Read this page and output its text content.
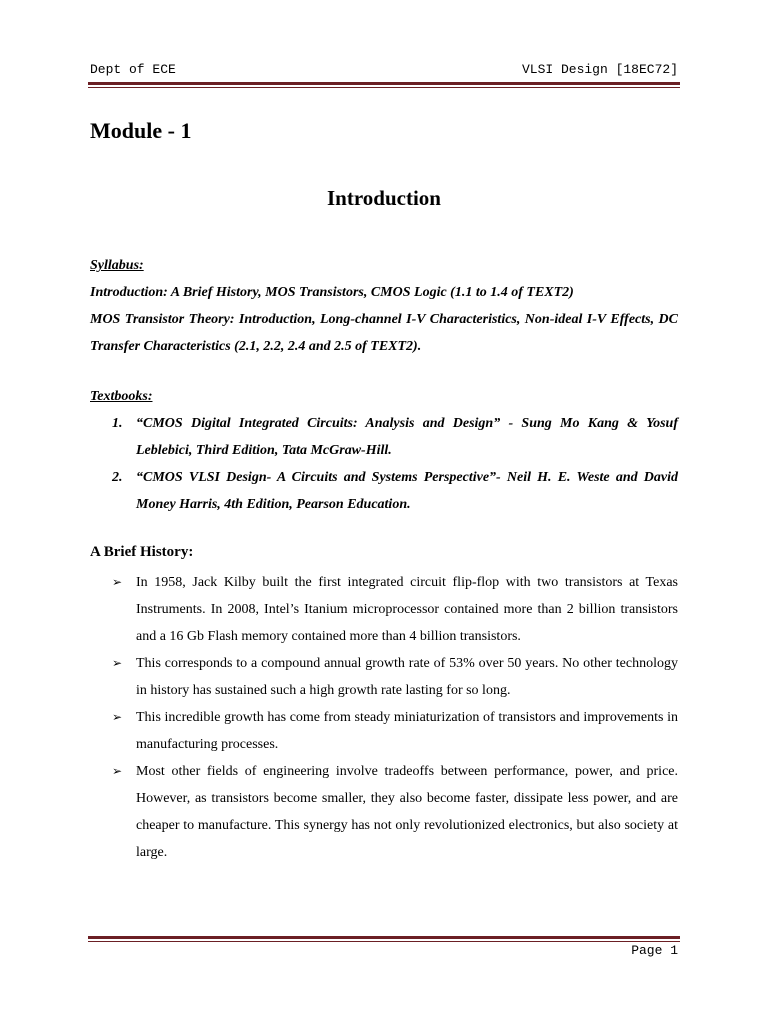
Dept of ECE	VLSI Design [18EC72]
Module - 1
Introduction
Syllabus:
Introduction: A Brief History, MOS Transistors, CMOS Logic (1.1 to 1.4 of TEXT2)
MOS Transistor Theory: Introduction, Long-channel I-V Characteristics, Non-ideal I-V Effects, DC Transfer Characteristics (2.1, 2.2, 2.4 and 2.5 of TEXT2).
Textbooks:
1. “CMOS Digital Integrated Circuits: Analysis and Design” - Sung Mo Kang & Yosuf Leblebici, Third Edition, Tata McGraw-Hill.
2. “CMOS VLSI Design- A Circuits and Systems Perspective”- Neil H. E. Weste and David Money Harris, 4th Edition, Pearson Education.
A Brief History:
➢ In 1958, Jack Kilby built the first integrated circuit flip-flop with two transistors at Texas Instruments. In 2008, Intel’s Itanium microprocessor contained more than 2 billion transistors and a 16 Gb Flash memory contained more than 4 billion transistors.
➢ This corresponds to a compound annual growth rate of 53% over 50 years. No other technology in history has sustained such a high growth rate lasting for so long.
➢ This incredible growth has come from steady miniaturization of transistors and improvements in manufacturing processes.
➢ Most other fields of engineering involve tradeoffs between performance, power, and price. However, as transistors become smaller, they also become faster, dissipate less power, and are cheaper to manufacture. This synergy has not only revolutionized electronics, but also society at large.
Page 1
